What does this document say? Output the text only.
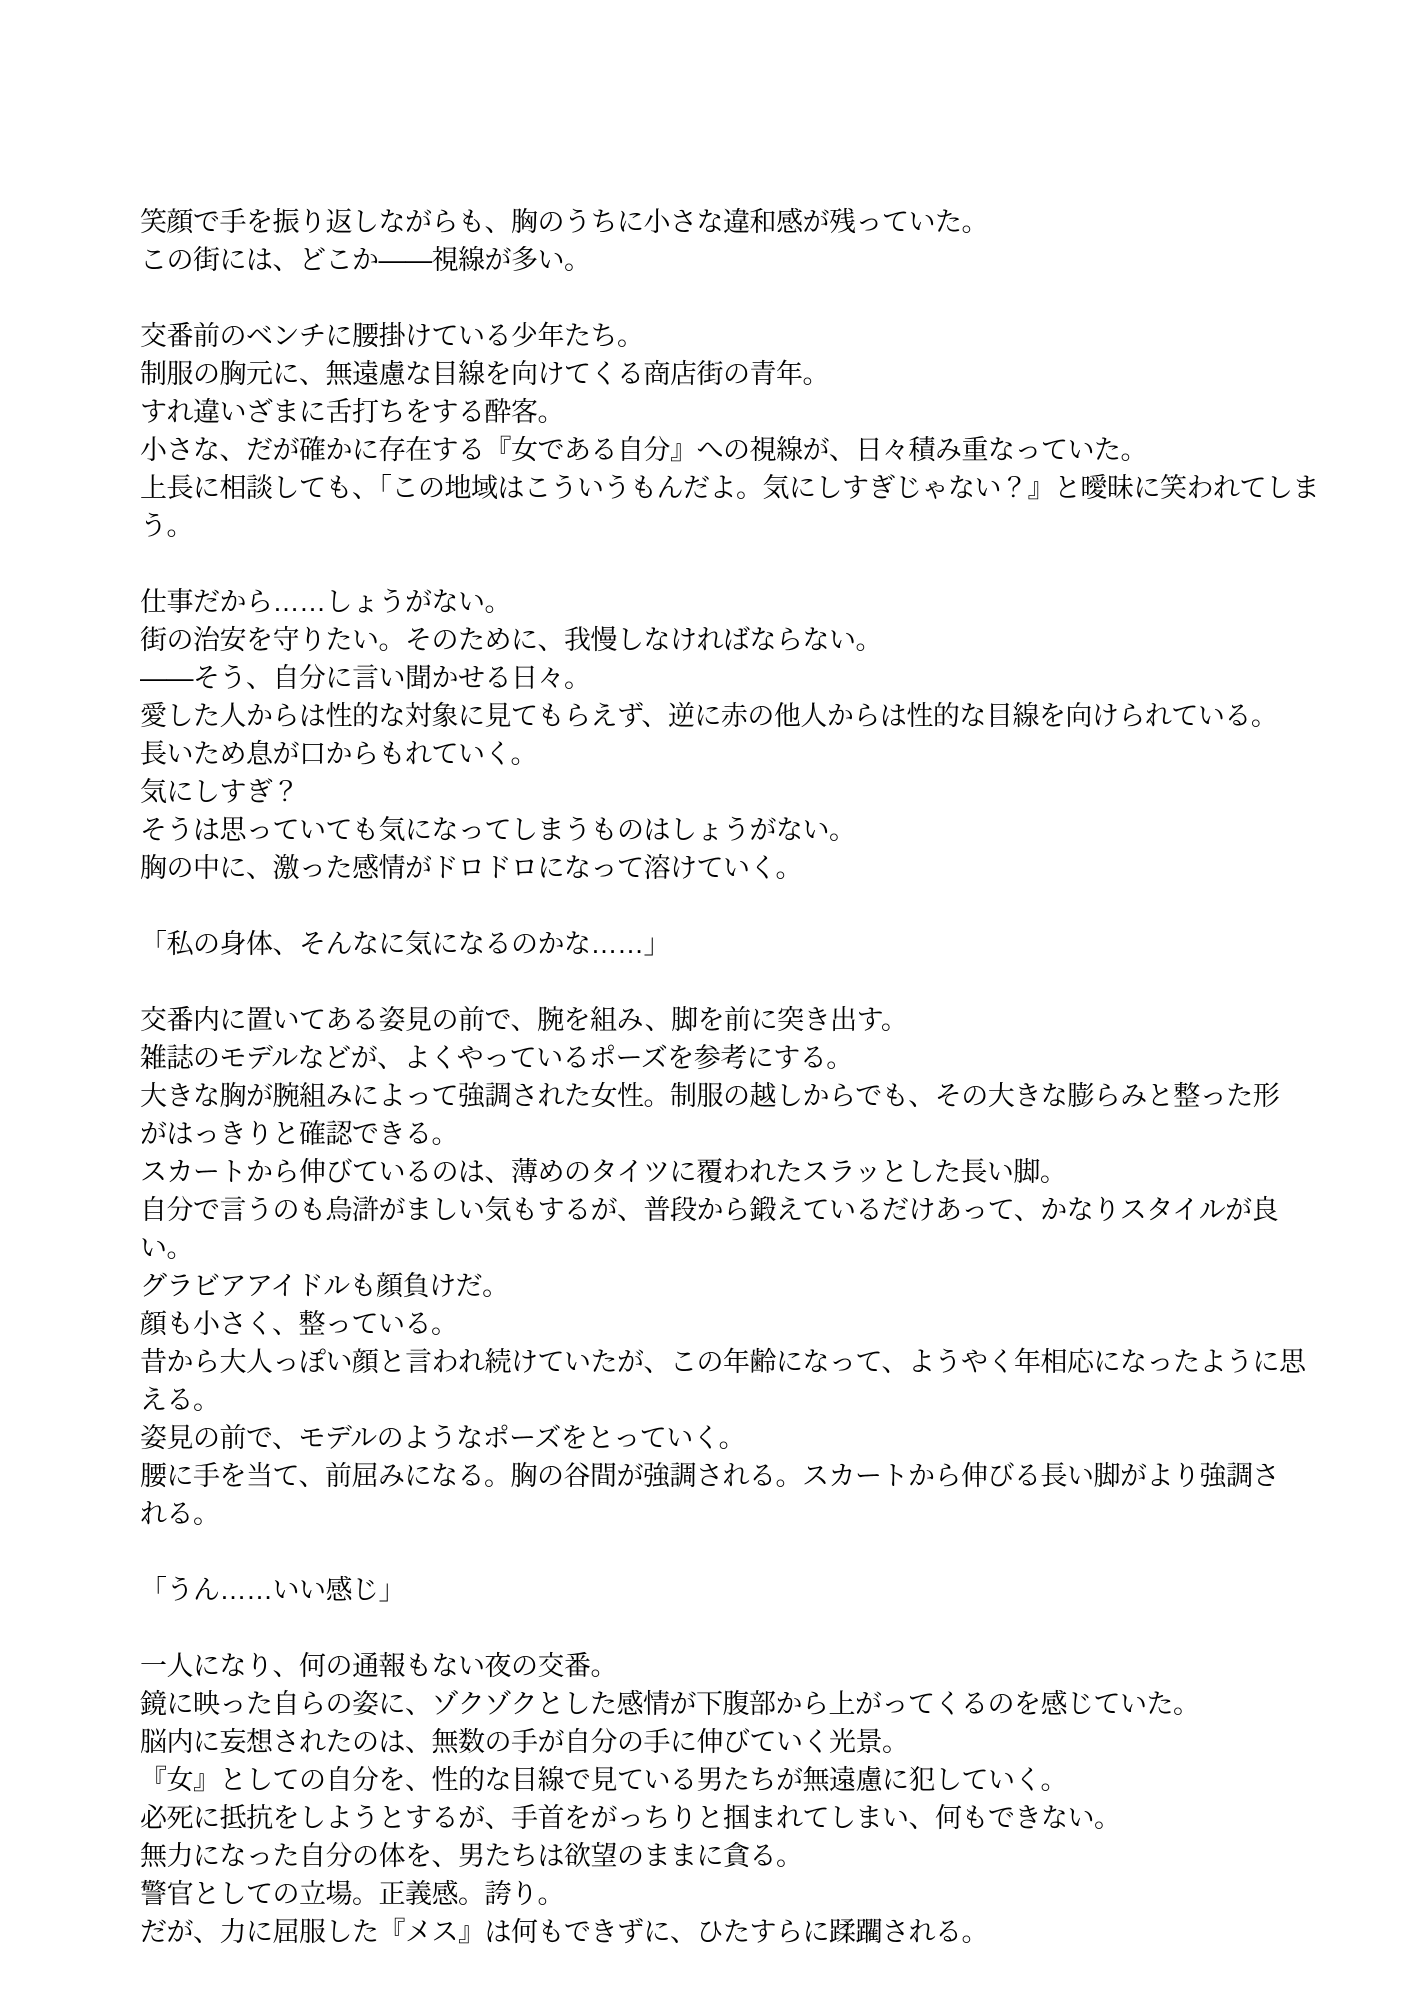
笑顔で手を振り返しながらも、胸のうちに小さな違和感が残っていた。
この街には、どこか――視線が多い。
交番前のベンチに腰掛けている少年たち。
制服の胸元に、無遠慮な目線を向けてくる商店街の青年。
すれ違いざまに舌打ちをする酔客。
小さな、だが確かに存在する『女である自分』への視線が、日々積み重なっていた。
上長に相談しても、「この地域はこういうもんだよ。気にしすぎじゃない？』と曖昧に笑われてしま
う。
仕事だから……しょうがない。
街の治安を守りたい。そのために、我慢しなければならない。
――そう、自分に言い聞かせる日々。
愛した人からは性的な対象に見てもらえず、逆に赤の他人からは性的な目線を向けられている。
長いため息が口からもれていく。
気にしすぎ？
そうは思っていても気になってしまうものはしょうがない。
胸の中に、激った感情がドロドロになって溶けていく。
「私の身体、そんなに気になるのかな……」
交番内に置いてある姿見の前で、腕を組み、脚を前に突き出す。
雑誌のモデルなどが、よくやっているポーズを参考にする。
大きな胸が腕組みによって強調された女性。制服の越しからでも、その大きな膨らみと整った形
がはっきりと確認できる。
スカートから伸びているのは、薄めのタイツに覆われたスラッとした長い脚。
自分で言うのも烏滸がましい気もするが、普段から鍛えているだけあって、かなりスタイルが良
い。
グラビアアイドルも顔負けだ。
顔も小さく、整っている。
昔から大人っぽい顔と言われ続けていたが、この年齢になって、ようやく年相応になったように思
える。
姿見の前で、モデルのようなポーズをとっていく。
腰に手を当て、前屈みになる。胸の谷間が強調される。スカートから伸びる長い脚がより強調さ
れる。
「うん……いい感じ」
一人になり、何の通報もない夜の交番。
鏡に映った自らの姿に、ゾクゾクとした感情が下腹部から上がってくるのを感じていた。
脳内に妄想されたのは、無数の手が自分の手に伸びていく光景。
『女』としての自分を、性的な目線で見ている男たちが無遠慮に犯していく。
必死に抵抗をしようとするが、手首をがっちりと掴まれてしまい、何もできない。
無力になった自分の体を、男たちは欲望のままに貪る。
警官としての立場。正義感。誇り。
だが、力に屈服した『メス』は何もできずに、ひたすらに蹂躙される。
